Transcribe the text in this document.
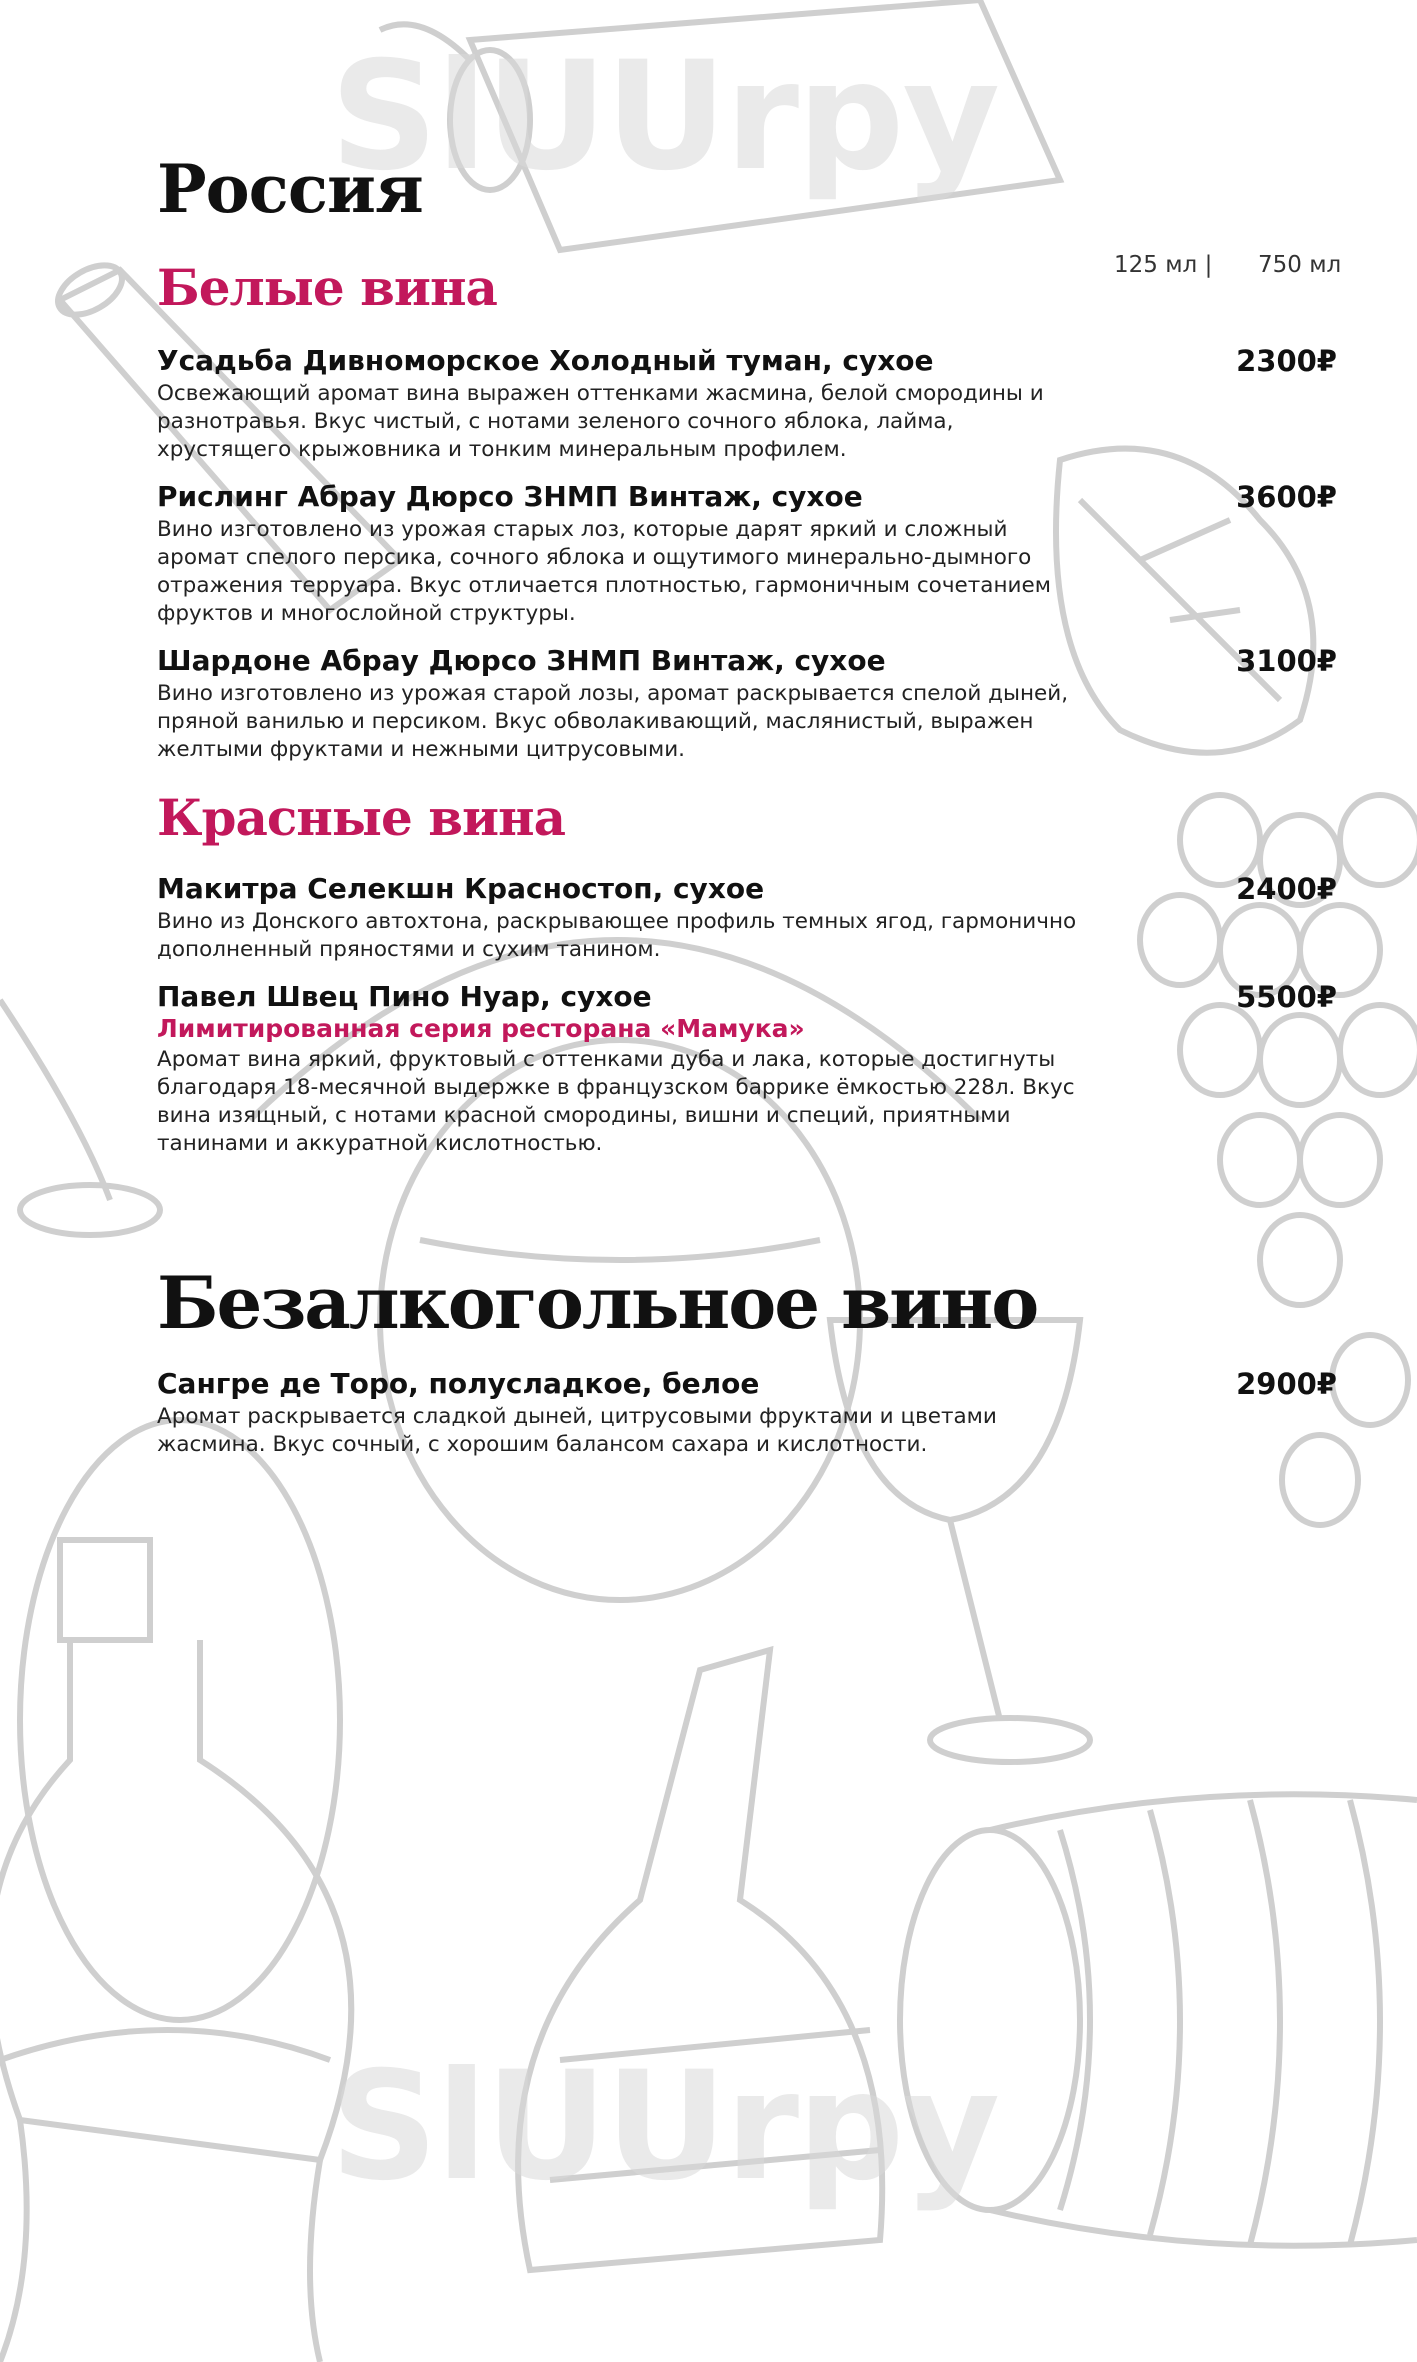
SlUUrpy
SlUUrpy
Россия
125 мл | 750 мл
Белые вина
Усадьба Дивноморское Холодный туман, сухое	2300₽
Освежающий аромат вина выражен оттенками жасмина, белой смородины и разнотравья. Вкус чистый, с нотами зеленого сочного яблока, лайма, хрустящего крыжовника и тонким минеральным профилем.
Рислинг Абрау Дюрсо ЗНМП Винтаж, сухое	3600₽
Вино изготовлено из урожая старых лоз, которые дарят яркий и сложный аромат спелого персика, сочного яблока и ощутимого минерально-дымного отражения терруара. Вкус отличается плотностью, гармоничным сочетанием фруктов и многослойной структуры.
Шардоне Абрау Дюрсо ЗНМП Винтаж, сухое	3100₽
Вино изготовлено из урожая старой лозы, аромат раскрывается спелой дыней, пряной ванилью и персиком. Вкус обволакивающий, маслянистый, выражен желтыми фруктами и нежными цитрусовыми.
Красные вина
Макитра Селекшн Красностоп, сухое	2400₽
Вино из Донского автохтона, раскрывающее профиль темных ягод, гармонично дополненный пряностями и сухим танином.
Павел Швец Пино Нуар, сухое	5500₽
Лимитированная серия ресторана «Мамука»
Аромат вина яркий, фруктовый с оттенками дуба и лака, которые достигнуты благодаря 18-месячной выдержке в французском баррике ёмкостью 228л. Вкус вина изящный, с нотами красной смородины, вишни и специй, приятными танинами и аккуратной кислотностью.
Безалкогольное вино
Сангре де Торо, полусладкое, белое	2900₽
Аромат раскрывается сладкой дыней, цитрусовыми фруктами и цветами жасмина. Вкус сочный, с хорошим балансом сахара и кислотности.
